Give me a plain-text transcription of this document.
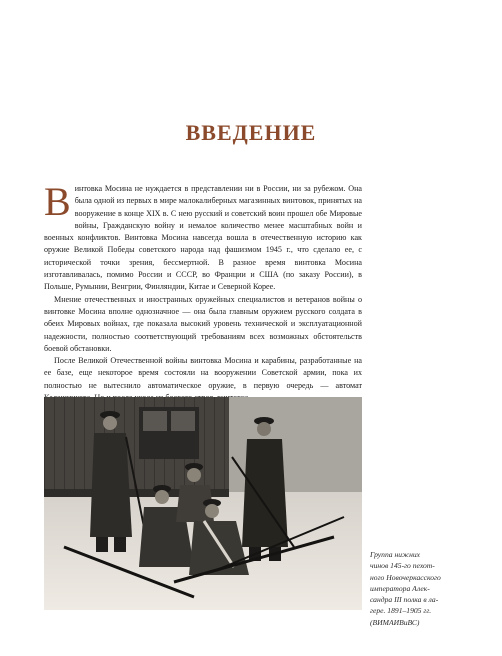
ВВЕДЕНИЕ

Винтовка Мосина не нуждается в представлении ни в России, ни за рубежом. Она была одной из первых в мире малокалиберных магазинных винтовок, принятых на вооружение в конце XIX в. С нею русский и советский воин прошел обе Мировые войны, Гражданскую войну и немалое количество менее масштабных войн и военных конфликтов. Винтовка Мосина навсегда вошла в отечественную историю как оружие Великой Победы советского народа над фашизмом 1945 г., что сделало ее, с исторической точки зрения, бессмертной. В разное время винтовка Мосина изготавливалась, помимо России и СССР, во Франции и США (по заказу России), в Польше, Румынии, Венгрии, Финляндии, Китае и Северной Корее.

Мнение отечественных и иностранных оружейных специалистов и ветеранов войны о винтовке Мосина вполне однозначное — она была главным оружием русского солдата в обеих Мировых войнах, где показала высокий уровень технической и эксплуатационной надежности, полностью соответствующий требованиям всех возможных обстоятельств боевой обстановки.

После Великой Отечественной войны винтовка Мосина и карабины, разработанные на ее базе, еще некоторое время состояли на вооружении Советской армии, пока их полностью не вытеснило автоматическое оружие, в первую очередь — автомат

Группа нижних
чинов 145-го пехот-
ного Новочеркасского
императора Алек-
сандра III полка в ла-
гере. 1891–1905 гг.
(ВИМАИВиВС)
